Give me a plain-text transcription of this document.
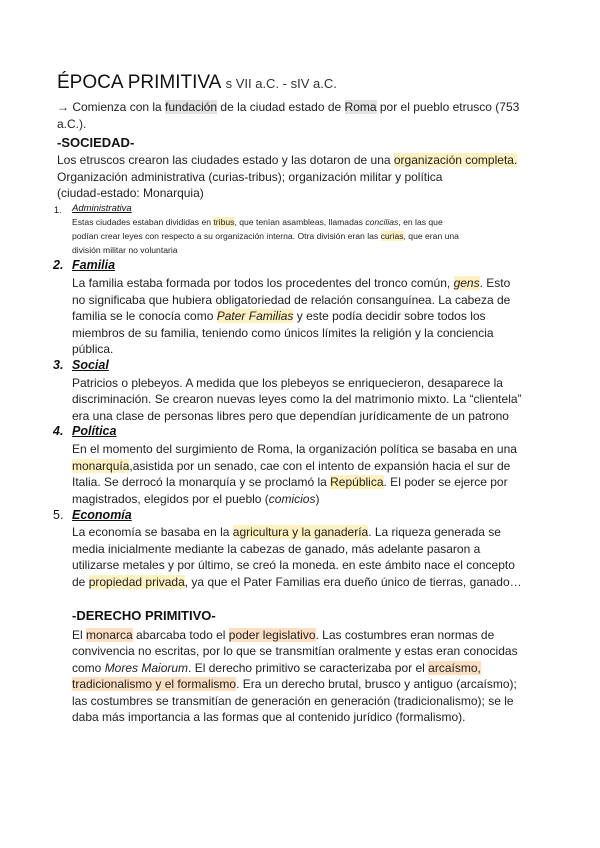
ÉPOCA PRIMITIVA s VII a.C. - sIV a.C.
→ Comienza con la fundación de la ciudad estado de Roma por el pueblo etrusco (753
a.C.).
-SOCIEDAD-
Los etruscos crearon las ciudades estado y las dotaron de una organización completa.
Organización administrativa (curias-tribus); organización militar y política
(ciudad-estado: Monarquia)
1. Administrativa
Estas ciudades estaban divididas en tribus, que tenían asambleas, llamadas concilias, en las que
podían crear leyes con respecto a su organización interna. Otra división eran las curias, que eran una
división militar no voluntaria
2. Familia
La familia estaba formada por todos los procedentes del tronco común, gens. Esto
no significaba que hubiera obligatoriedad de relación consanguínea. La cabeza de
familia se le conocía como Pater Familias y este podía decidir sobre todos los
miembros de su familia, teniendo como únicos límites la religión y la conciencia
pública.
3. Social
Patricios o plebeyos. A medida que los plebeyos se enriquecieron, desaparece la
discriminación. Se crearon nuevas leyes como la del matrimonio mixto. La “clientela”
era una clase de personas libres pero que dependían jurídicamente de un patrono
4. Política
En el momento del surgimiento de Roma, la organización política se basaba en una
monarquía,asistida por un senado, cae con el intento de expansión hacia el sur de
Italia. Se derrocó la monarquía y se proclamó la República. El poder se ejerce por
magistrados, elegidos por el pueblo (comicios)
5. Economía
La economía se basaba en la agricultura y la ganadería. La riqueza generada se
media inicialmente mediante la cabezas de ganado, más adelante pasaron a
utilizarse metales y por último, se creó la moneda. en este ámbito nace el concepto
de propiedad privada, ya que el Pater Familias era dueño único de tierras, ganado…
-DERECHO PRIMITIVO-
El monarca abarcaba todo el poder legislativo. Las costumbres eran normas de
convivencia no escritas, por lo que se transmitían oralmente y estas eran conocidas
como Mores Maiorum. El derecho primitivo se caracterizaba por el arcaísmo,
tradicionalismo y el formalismo. Era un derecho brutal, brusco y antiguo (arcaísmo);
las costumbres se transmitían de generación en generación (tradicionalismo); se le
daba más importancia a las formas que al contenido jurídico (formalismo).
